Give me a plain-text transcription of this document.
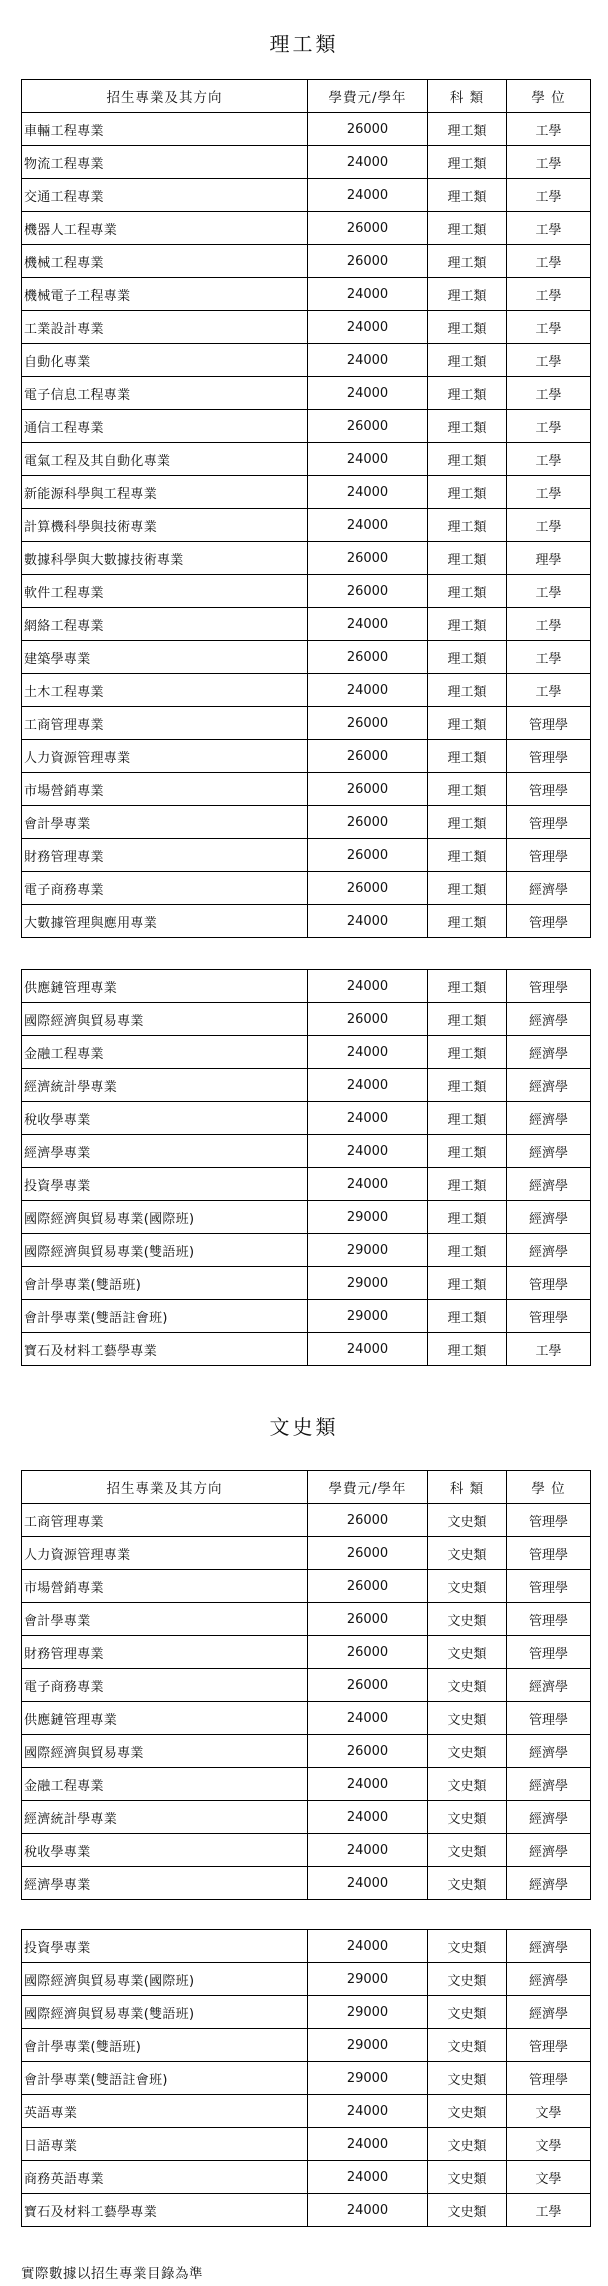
理工類
招生專業及其方向	學費元/學年	科 類	學 位
車輛工程專業	26000	理工類	工學
物流工程專業	24000	理工類	工學
交通工程專業	24000	理工類	工學
機器人工程專業	26000	理工類	工學
機械工程專業	26000	理工類	工學
機械電子工程專業	24000	理工類	工學
工業設計專業	24000	理工類	工學
自動化專業	24000	理工類	工學
電子信息工程專業	24000	理工類	工學
通信工程專業	26000	理工類	工學
電氣工程及其自動化專業	24000	理工類	工學
新能源科學與工程專業	24000	理工類	工學
計算機科學與技術專業	24000	理工類	工學
數據科學與大數據技術專業	26000	理工類	理學
軟件工程專業	26000	理工類	工學
網絡工程專業	24000	理工類	工學
建築學專業	26000	理工類	工學
土木工程專業	24000	理工類	工學
工商管理專業	26000	理工類	管理學
人力資源管理專業	26000	理工類	管理學
市場營銷專業	26000	理工類	管理學
會計學專業	26000	理工類	管理學
財務管理專業	26000	理工類	管理學
電子商務專業	26000	理工類	經濟學
大數據管理與應用專業	24000	理工類	管理學
供應鏈管理專業	24000	理工類	管理學
國際經濟與貿易專業	26000	理工類	經濟學
金融工程專業	24000	理工類	經濟學
經濟統計學專業	24000	理工類	經濟學
稅收學專業	24000	理工類	經濟學
經濟學專業	24000	理工類	經濟學
投資學專業	24000	理工類	經濟學
國際經濟與貿易專業(國際班)	29000	理工類	經濟學
國際經濟與貿易專業(雙語班)	29000	理工類	經濟學
會計學專業(雙語班)	29000	理工類	管理學
會計學專業(雙語註會班)	29000	理工類	管理學
寶石及材料工藝學專業	24000	理工類	工學
文史類
招生專業及其方向	學費元/學年	科 類	學 位
工商管理專業	26000	文史類	管理學
人力資源管理專業	26000	文史類	管理學
市場營銷專業	26000	文史類	管理學
會計學專業	26000	文史類	管理學
財務管理專業	26000	文史類	管理學
電子商務專業	26000	文史類	經濟學
供應鏈管理專業	24000	文史類	管理學
國際經濟與貿易專業	26000	文史類	經濟學
金融工程專業	24000	文史類	經濟學
經濟統計學專業	24000	文史類	經濟學
稅收學專業	24000	文史類	經濟學
經濟學專業	24000	文史類	經濟學
投資學專業	24000	文史類	經濟學
國際經濟與貿易專業(國際班)	29000	文史類	經濟學
國際經濟與貿易專業(雙語班)	29000	文史類	經濟學
會計學專業(雙語班)	29000	文史類	管理學
會計學專業(雙語註會班)	29000	文史類	管理學
英語專業	24000	文史類	文學
日語專業	24000	文史類	文學
商務英語專業	24000	文史類	文學
寶石及材料工藝學專業	24000	文史類	工學
實際數據以招生專業目錄為準
